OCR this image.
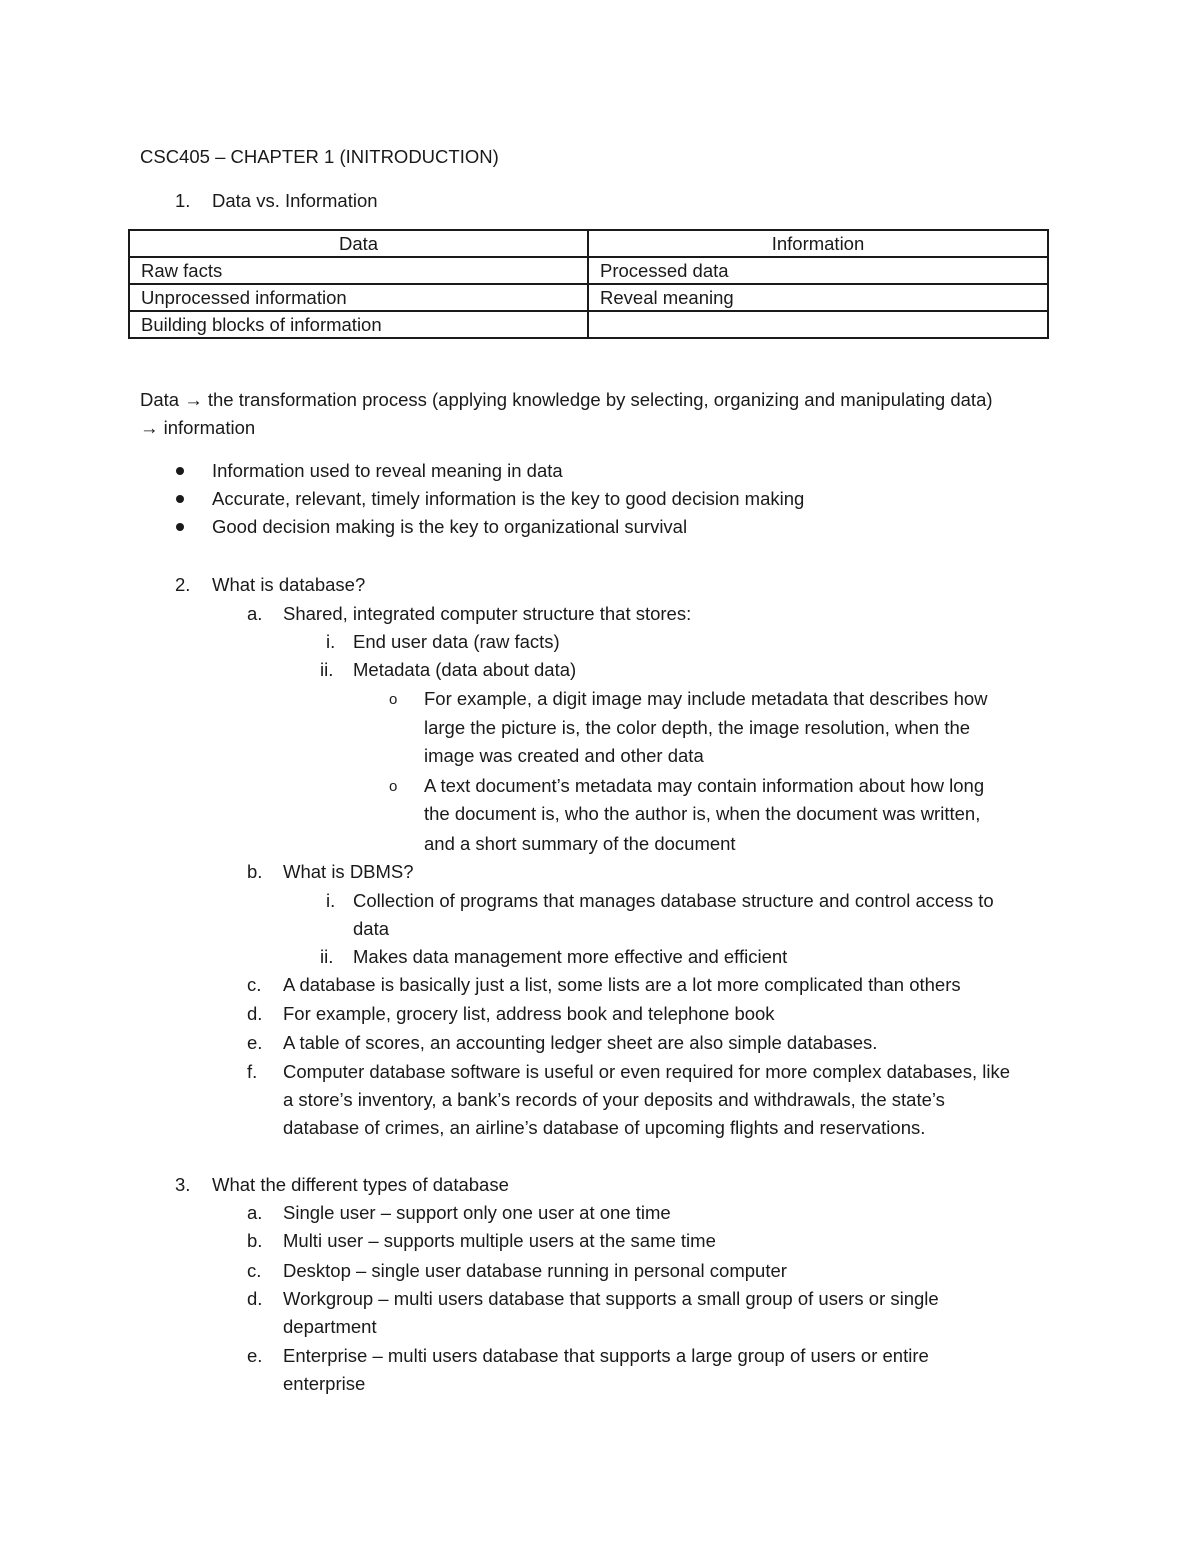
CSC405 – CHAPTER 1 (INITRODUCTION)
1. Data vs. Information
Data	Information
Raw facts	Processed data
Unprocessed information	Reveal meaning
Building blocks of information	
Data → the transformation process (applying knowledge by selecting, organizing and manipulating data)
→ information
Information used to reveal meaning in data
Accurate, relevant, timely information is the key to good decision making
Good decision making is the key to organizational survival
2. What is database?
a. Shared, integrated computer structure that stores:
i. End user data (raw facts)
ii. Metadata (data about data)
o For example, a digit image may include metadata that describes how
large the picture is, the color depth, the image resolution, when the
image was created and other data
o A text document’s metadata may contain information about how long
the document is, who the author is, when the document was written,
and a short summary of the document
b. What is DBMS?
i. Collection of programs that manages database structure and control access to
data
ii. Makes data management more effective and efficient
c. A database is basically just a list, some lists are a lot more complicated than others
d. For example, grocery list, address book and telephone book
e. A table of scores, an accounting ledger sheet are also simple databases.
f. Computer database software is useful or even required for more complex databases, like
a store’s inventory, a bank’s records of your deposits and withdrawals, the state’s
database of crimes, an airline’s database of upcoming flights and reservations.
3. What the different types of database
a. Single user – support only one user at one time
b. Multi user – supports multiple users at the same time
c. Desktop – single user database running in personal computer
d. Workgroup – multi users database that supports a small group of users or single
department
e. Enterprise – multi users database that supports a large group of users or entire
enterprise
